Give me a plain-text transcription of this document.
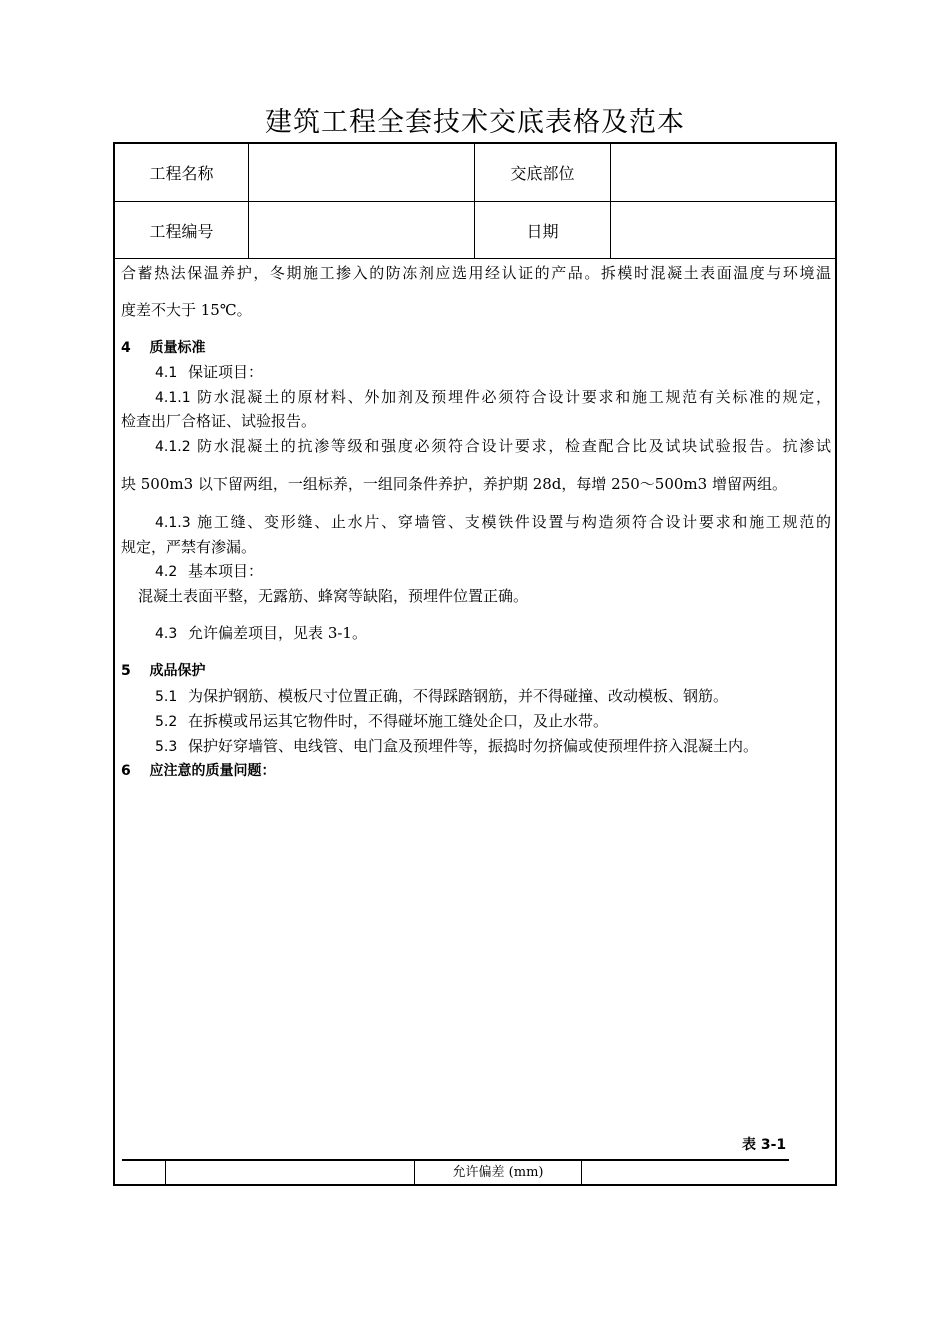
建筑工程全套技术交底表格及范本
工程名称	交底部位
工程编号	日期
合蓄热法保温养护，冬期施工掺入的防冻剂应选用经认证的产品。拆模时混凝土表面温度与环境温
度差不大于 15℃。
4 质量标准
4.1 保证项目：
4.1.1 防水混凝土的原材料、外加剂及预埋件必须符合设计要求和施工规范有关标准的规定，
检查出厂合格证、试验报告。
4.1.2 防水混凝土的抗渗等级和强度必须符合设计要求，检查配合比及试块试验报告。抗渗试
块 500m3 以下留两组，一组标养，一组同条件养护，养护期 28d，每增 250～500m3 增留两组。
4.1.3 施工缝、变形缝、止水片、穿墙管、支模铁件设置与构造须符合设计要求和施工规范的
规定，严禁有渗漏。
4.2 基本项目：
混凝土表面平整，无露筋、蜂窝等缺陷，预埋件位置正确。
4.3 允许偏差项目，见表 3-1。
5 成品保护
5.1 为保护钢筋、模板尺寸位置正确，不得踩踏钢筋，并不得碰撞、改动模板、钢筋。
5.2 在拆模或吊运其它物件时，不得碰坏施工缝处企口，及止水带。
5.3 保护好穿墙管、电线管、电门盒及预埋件等，振捣时勿挤偏或使预埋件挤入混凝土内。
6 应注意的质量问题：
表 3-1
允许偏差 (mm)
